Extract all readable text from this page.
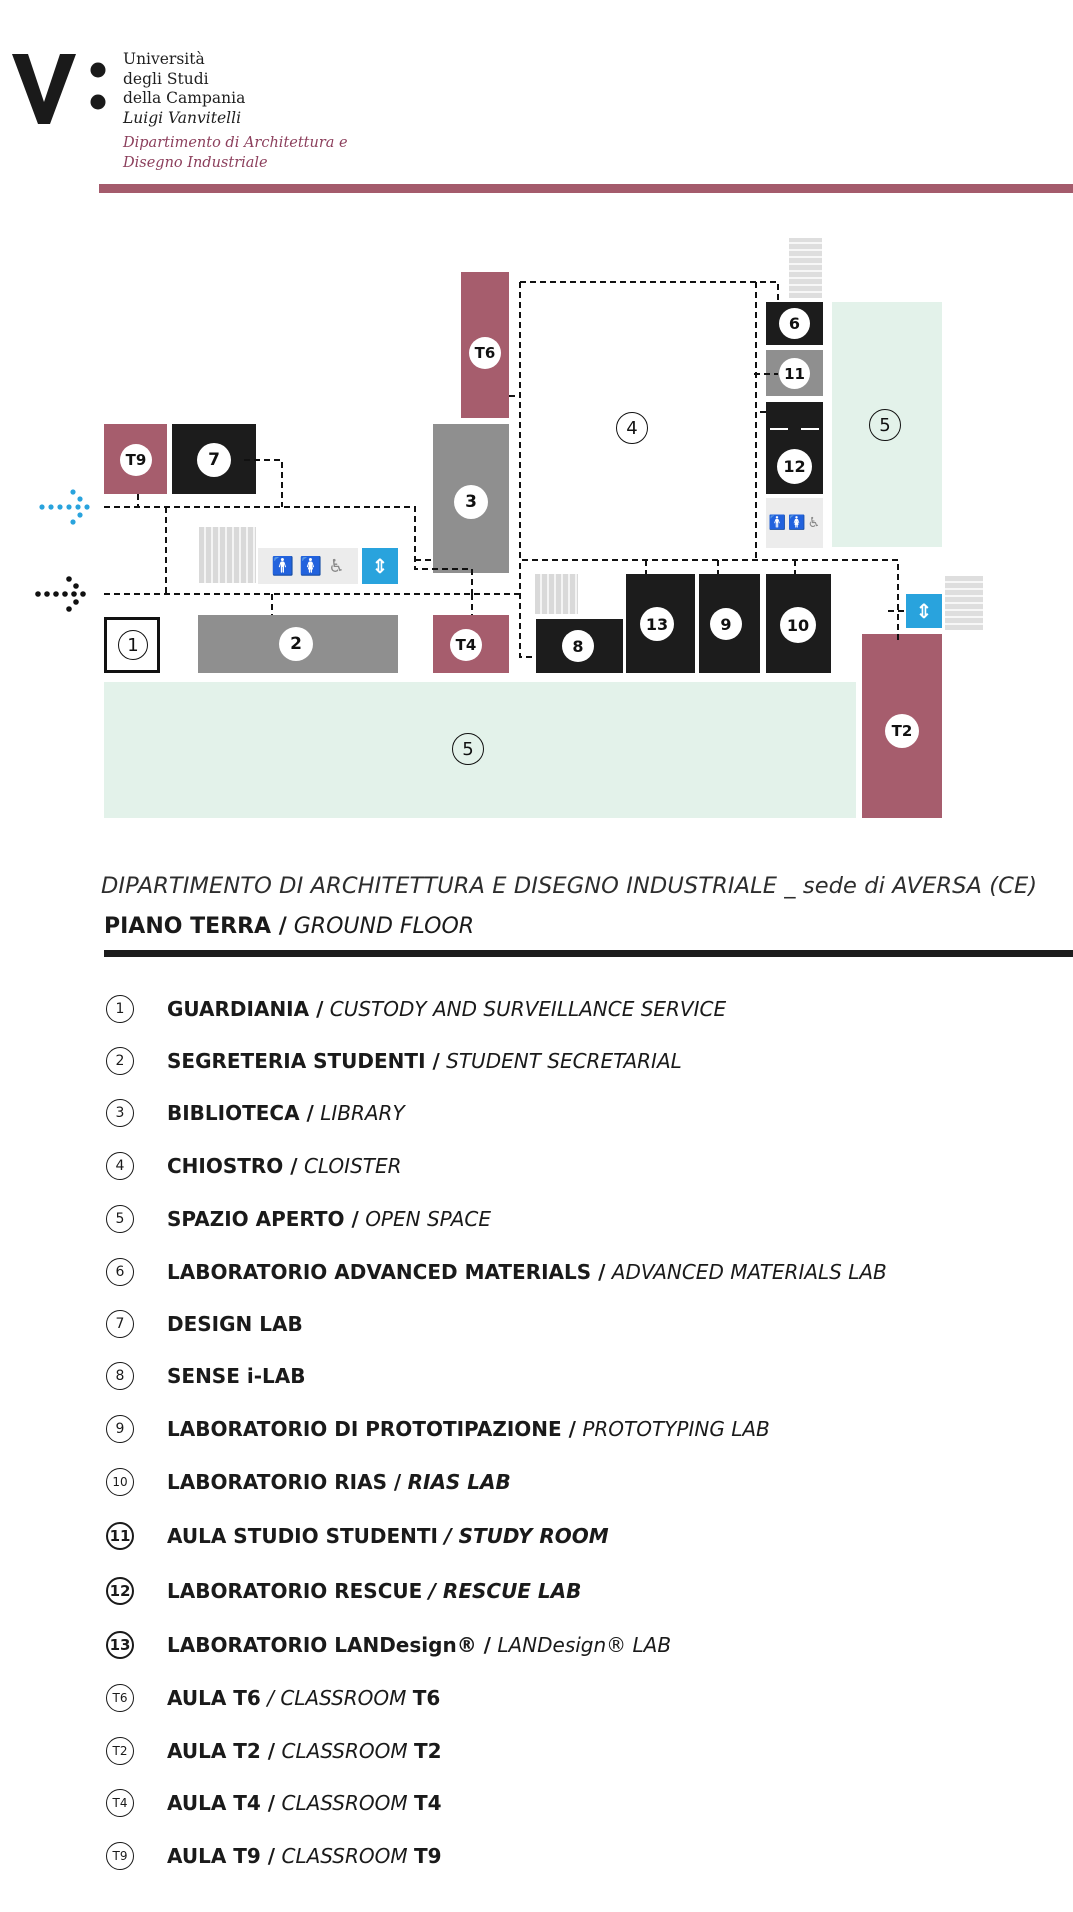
Università
degli Studi
della Campania
Luigi Vanvitelli
Dipartimento di Architettura e
Disegno Industriale
🚹 🚺 ♿
🚹 🚺 ♿
⇕
⇕
T6
T9	7
3
4	5
6
11
12
1	2	T4	8
13	9	10
5
T2
DIPARTIMENTO DI ARCHITETTURA E DISEGNO INDUSTRIALE _ sede di AVERSA (CE)
PIANO TERRA / GROUND FLOOR
1	GUARDIANIA / CUSTODY AND SURVEILLANCE SERVICE
2	SEGRETERIA STUDENTI / STUDENT SECRETARIAL
3	BIBLIOTECA / LIBRARY
4	CHIOSTRO / CLOISTER
5	SPAZIO APERTO / OPEN SPACE
6	LABORATORIO ADVANCED MATERIALS / ADVANCED MATERIALS LAB
7	DESIGN LAB
8	SENSE i-LAB
9	LABORATORIO DI PROTOTIPAZIONE / PROTOTYPING LAB
10	LABORATORIO RIAS / RIAS LAB
11 AULA STUDIO STUDENTI / STUDY ROOM
12 LABORATORIO RESCUE / RESCUE LAB
13 LABORATORIO LANDesign® / LANDesign® LAB
T6	AULA T6 / CLASSROOM T6
T2	AULA T2 / CLASSROOM T2
T4	AULA T4 / CLASSROOM T4
T9	AULA T9 / CLASSROOM T9
